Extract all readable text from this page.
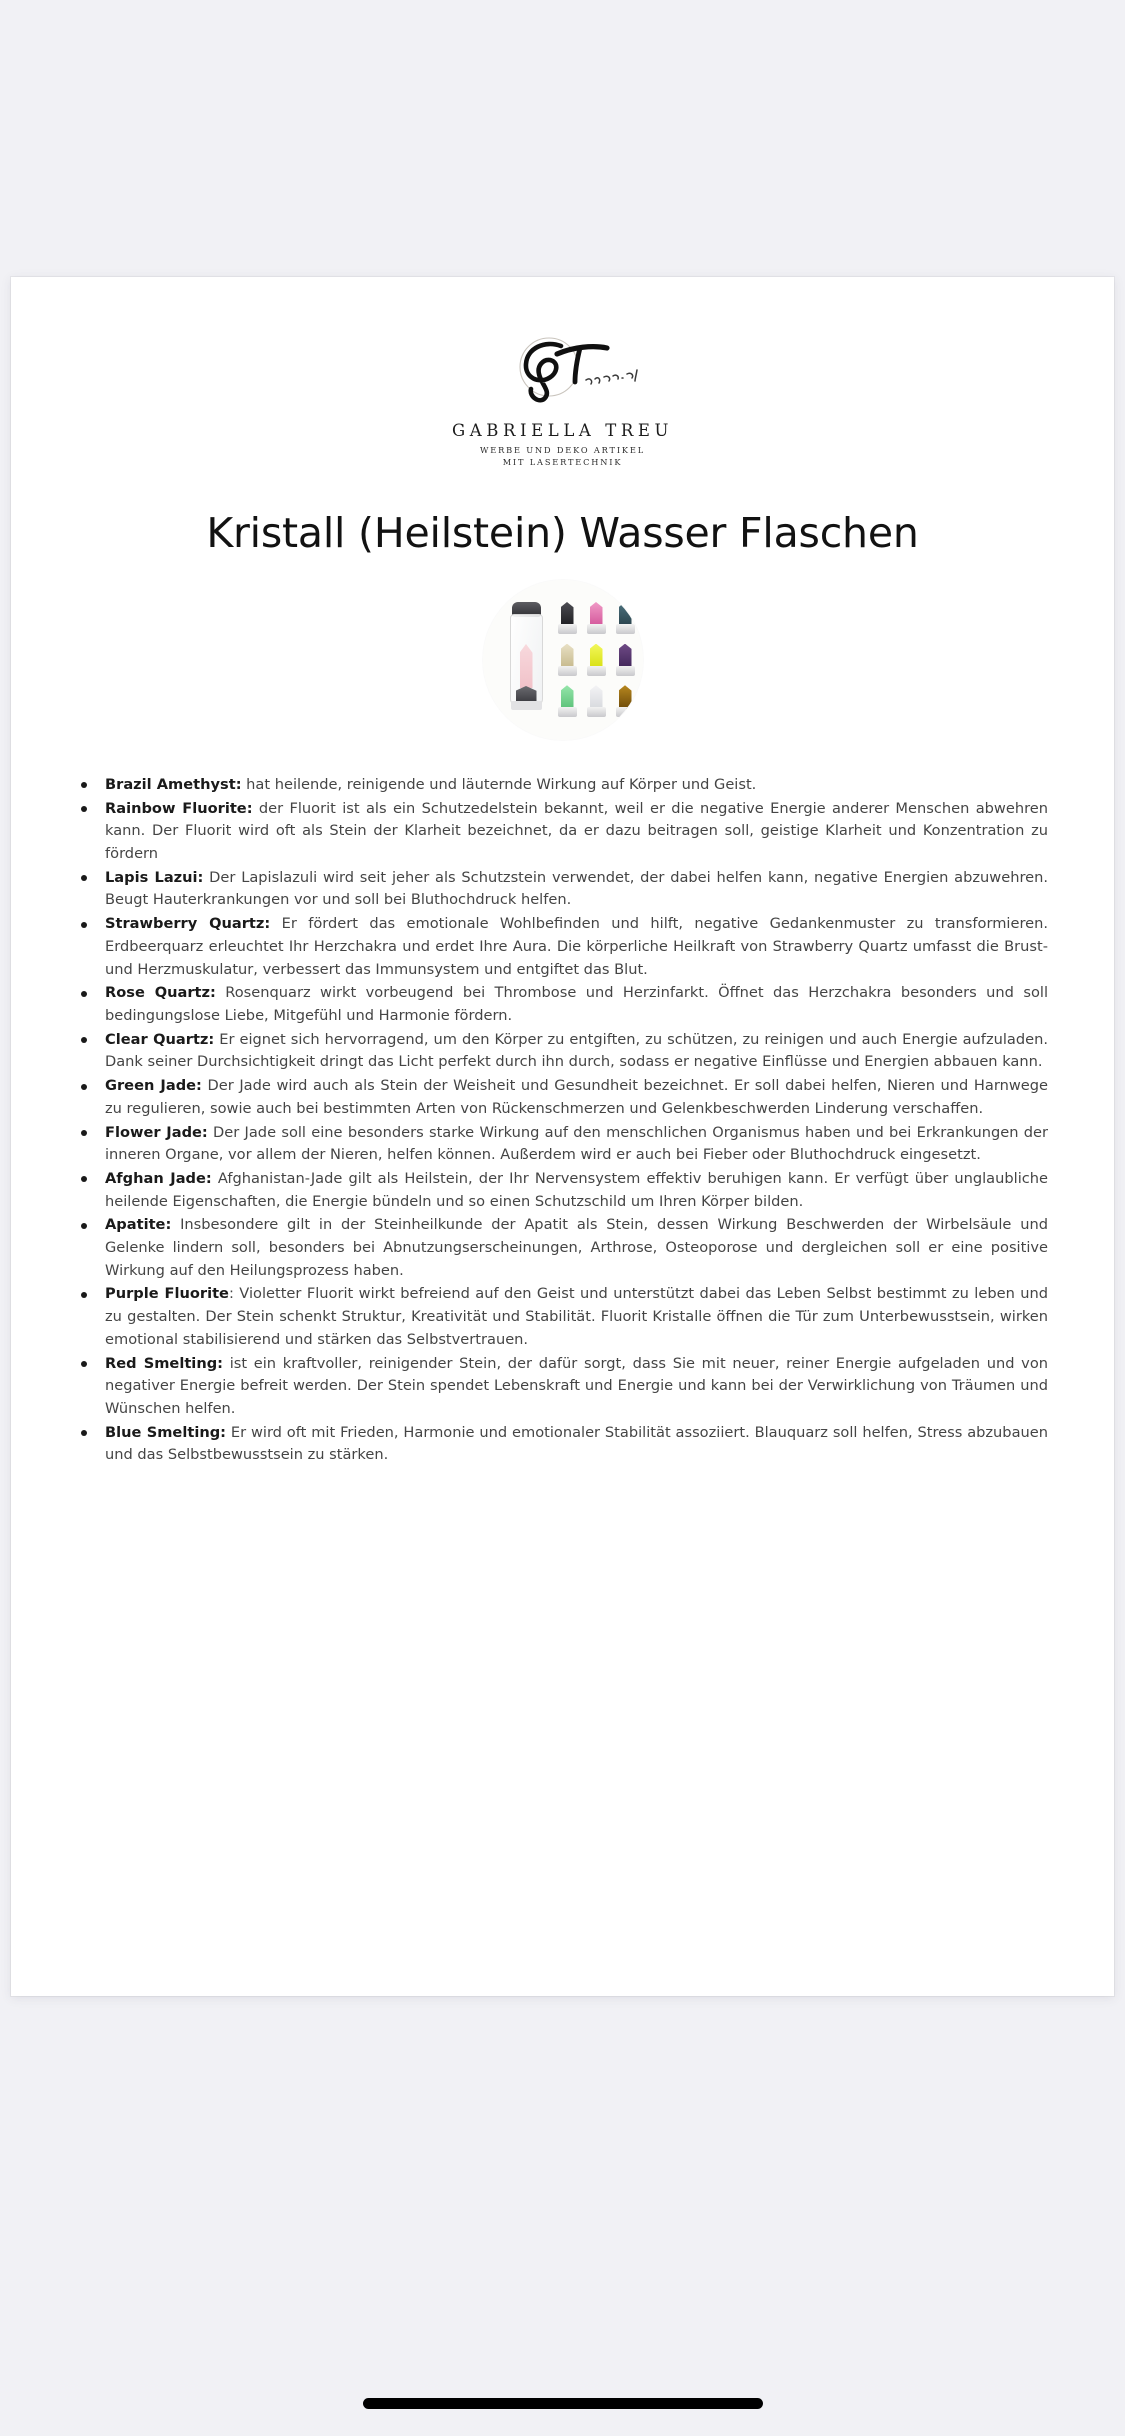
GABRIELLA TREU
WERBE UND DEKO ARTIKEL
MIT LASERTECHNIK
Kristall (Heilstein) Wasser Flaschen
Brazil Amethyst: hat heilende, reinigende und läuternde Wirkung auf Körper und Geist.
Rainbow Fluorite: der Fluorit ist als ein Schutzedelstein bekannt, weil er die negative Energie anderer Menschen abwehren kann. Der Fluorit wird oft als Stein der Klarheit bezeichnet, da er dazu beitragen soll, geistige Klarheit und Konzentration zu fördern
Lapis Lazui: Der Lapislazuli wird seit jeher als Schutzstein verwendet, der dabei helfen kann, negative Energien abzuwehren. Beugt Hauterkrankungen vor und soll bei Bluthochdruck helfen.
Strawberry Quartz: Er fördert das emotionale Wohlbefinden und hilft, negative Gedankenmuster zu transformieren. Erdbeerquarz erleuchtet Ihr Herzchakra und erdet Ihre Aura. Die körperliche Heilkraft von Strawberry Quartz umfasst die Brust- und Herzmuskulatur, verbessert das Immunsystem und entgiftet das Blut.
Rose Quartz: Rosenquarz wirkt vorbeugend bei Thrombose und Herzinfarkt. Öffnet das Herzchakra besonders und soll bedingungslose Liebe, Mitgefühl und Harmonie fördern.
Clear Quartz: Er eignet sich hervorragend, um den Körper zu entgiften, zu schützen, zu reinigen und auch Energie aufzuladen. Dank seiner Durchsichtigkeit dringt das Licht perfekt durch ihn durch, sodass er negative Einflüsse und Energien abbauen kann.
Green Jade: Der Jade wird auch als Stein der Weisheit und Gesundheit bezeichnet. Er soll dabei helfen, Nieren und Harnwege zu regulieren, sowie auch bei bestimmten Arten von Rückenschmerzen und Gelenkbeschwerden Linderung verschaffen.
Flower Jade: Der Jade soll eine besonders starke Wirkung auf den menschlichen Organismus haben und bei Erkrankungen der inneren Organe, vor allem der Nieren, helfen können. Außerdem wird er auch bei Fieber oder Bluthochdruck eingesetzt.
Afghan Jade: Afghanistan-Jade gilt als Heilstein, der Ihr Nervensystem effektiv beruhigen kann. Er verfügt über unglaubliche heilende Eigenschaften, die Energie bündeln und so einen Schutzschild um Ihren Körper bilden.
Apatite: Insbesondere gilt in der Steinheilkunde der Apatit als Stein, dessen Wirkung Beschwerden der Wirbelsäule und Gelenke lindern soll, besonders bei Abnutzungserscheinungen, Arthrose, Osteoporose und dergleichen soll er eine positive Wirkung auf den Heilungsprozess haben.
Purple Fluorite: Violetter Fluorit wirkt befreiend auf den Geist und unterstützt dabei das Leben Selbst bestimmt zu leben und zu gestalten. Der Stein schenkt Struktur, Kreativität und Stabilität. Fluorit Kristalle öffnen die Tür zum Unterbewusstsein, wirken emotional stabilisierend und stärken das Selbstvertrauen.
Red Smelting: ist ein kraftvoller, reinigender Stein, der dafür sorgt, dass Sie mit neuer, reiner Energie aufgeladen und von negativer Energie befreit werden. Der Stein spendet Lebenskraft und Energie und kann bei der Verwirklichung von Träumen und Wünschen helfen.
Blue Smelting: Er wird oft mit Frieden, Harmonie und emotionaler Stabilität assoziiert. Blauquarz soll helfen, Stress abzubauen und das Selbstbewusstsein zu stärken.
